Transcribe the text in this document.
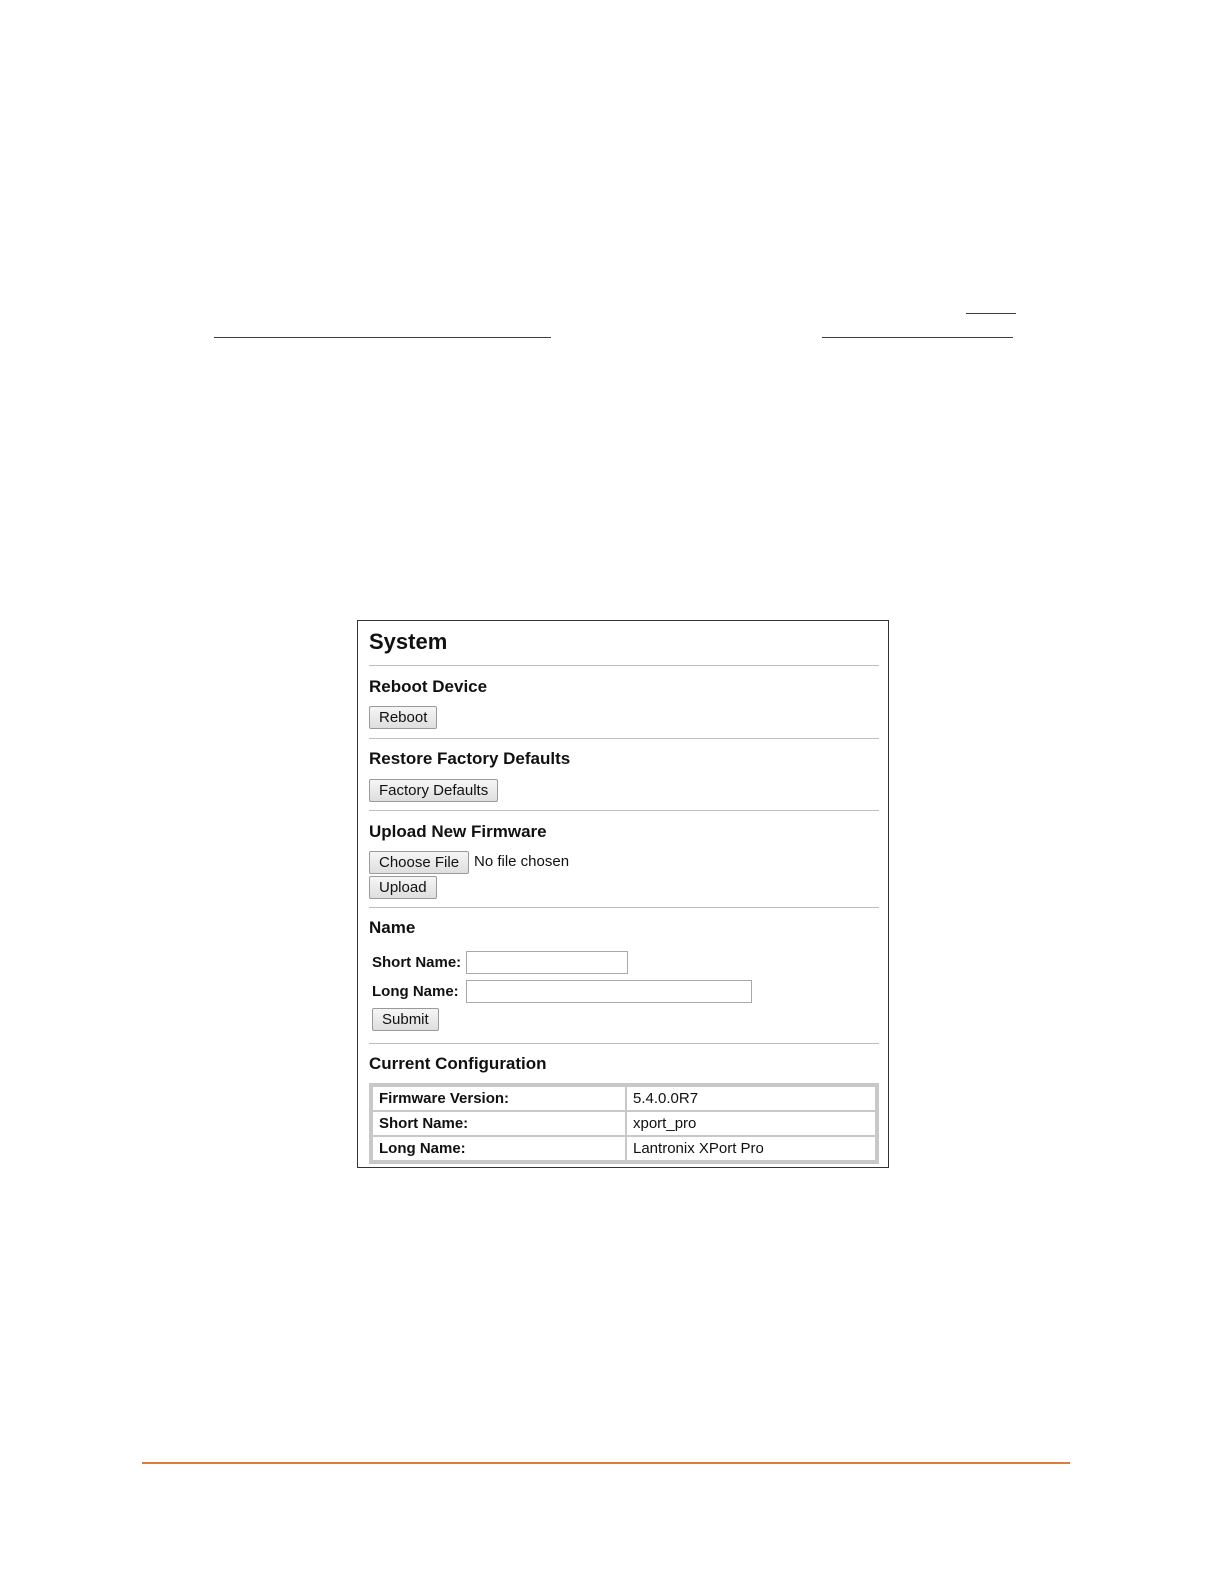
System
Reboot Device
Reboot
Restore Factory Defaults
Factory Defaults
Upload New Firmware
Choose File No file chosen
Upload
Name
Short Name:
Long Name:
Submit
Current Configuration
Firmware Version:	5.4.0.0R7
Short Name:	xport_pro
Long Name:	Lantronix XPort Pro
